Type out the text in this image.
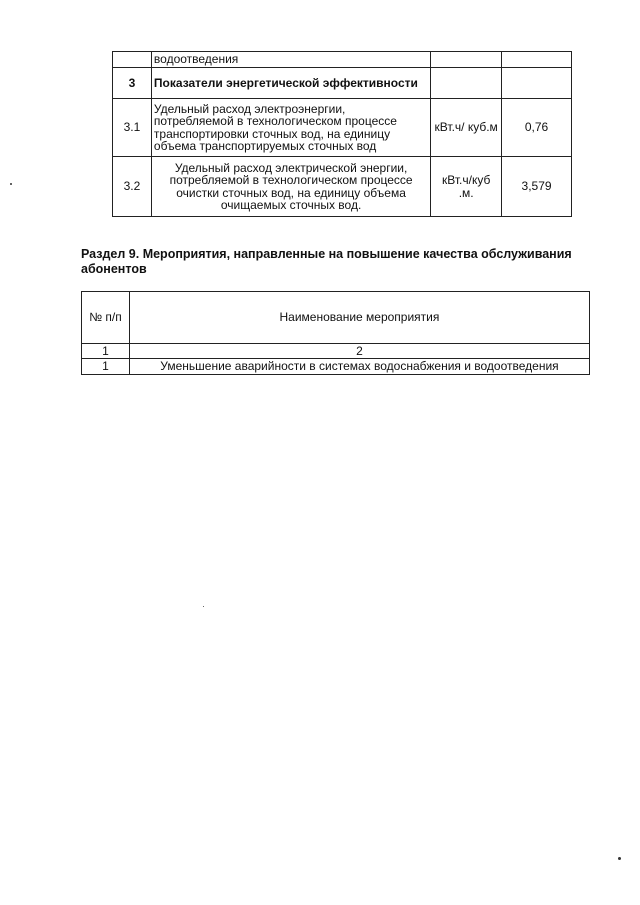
	водоотведения		
3	Показатели энергетической эффективности		
3.1	Удельный расход электроэнергии, потребляемой в технологическом процессе транспортировки сточных вод, на единицу объема транспортируемых сточных вод	кВт.ч/ куб.м	0,76
3.2	Удельный расход электрической энергии, потребляемой в технологическом процессе очистки сточных вод, на единицу объема очищаемых сточных вод.	кВт.ч/куб .м.	3,579
Раздел 9. Мероприятия, направленные на повышение качества обслуживания абонентов
№ п/п	Наименование мероприятия
1	2
1	Уменьшение аварийности в системах водоснабжения и водоотведения
